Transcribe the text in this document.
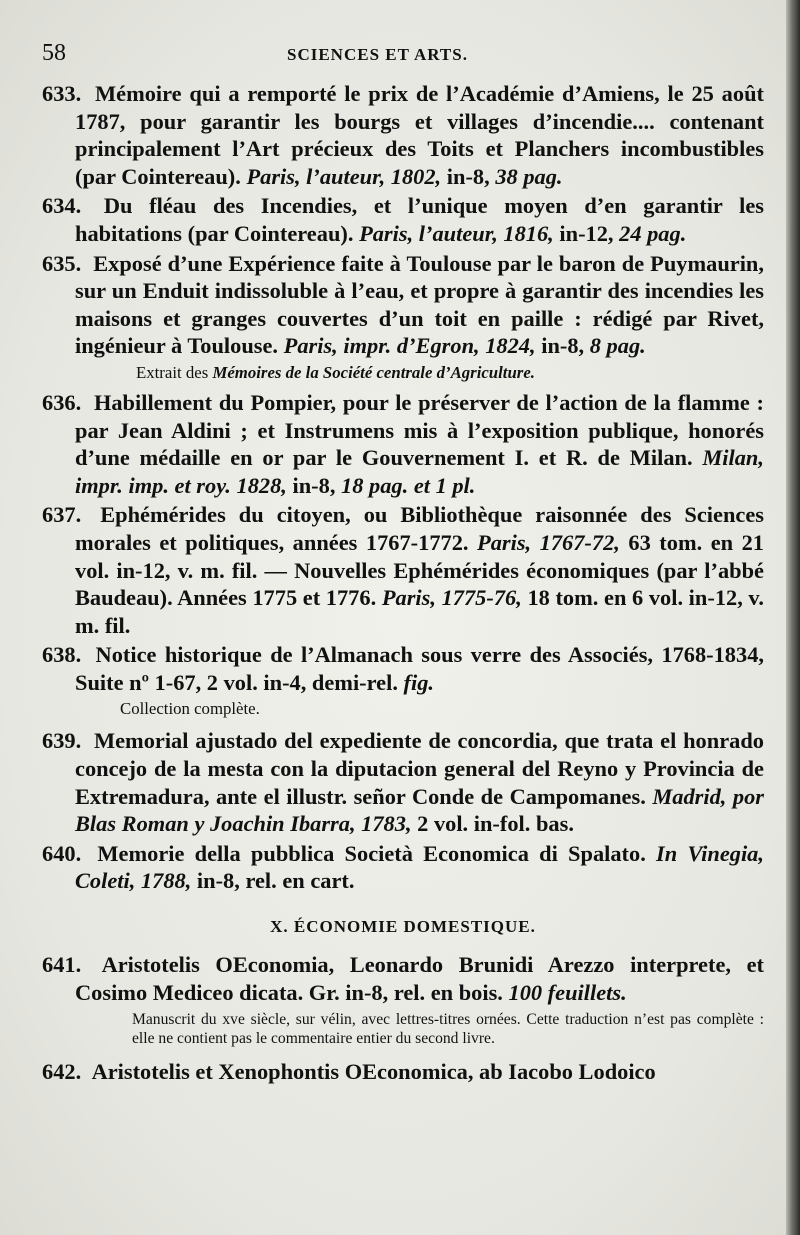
58	SCIENCES ET ARTS.

633. Mémoire qui a remporté le prix de l’Académie d’Amiens, le 25 août 1787, pour garantir les bourgs et villages d’incendie.... contenant principalement l’Art précieux des Toits et Planchers incombustibles (par Cointereau). Paris, l’auteur, 1802, in-8, 38 pag.

634. Du fléau des Incendies, et l’unique moyen d’en garantir les habitations (par Cointereau). Paris, l’auteur, 1816, in-12, 24 pag.

635. Exposé d’une Expérience faite à Toulouse par le baron de Puymaurin, sur un Enduit indissoluble à l’eau, et propre à garantir des incendies les maisons et granges couvertes d’un toit en paille : rédigé par Rivet, ingénieur à Toulouse. Paris, impr. d’Egron, 1824, in-8, 8 pag.

Extrait des Mémoires de la Société centrale d’Agriculture.

636. Habillement du Pompier, pour le préserver de l’action de la flamme : par Jean Aldini ; et Instrumens mis à l’exposition publique, honorés d’une médaille en or par le Gouvernement I. et R. de Milan. Milan, impr. imp. et roy. 1828, in-8, 18 pag. et 1 pl.

637. Ephémérides du citoyen, ou Bibliothèque raisonnée des Sciences morales et politiques, années 1767-1772. Paris, 1767-72, 63 tom. en 21 vol. in-12, v. m. fil. — Nouvelles Ephémérides économiques (par l’abbé Baudeau). Années 1775 et 1776. Paris, 1775-76, 18 tom. en 6 vol. in-12, v. m. fil.

638. Notice historique de l’Almanach sous verre des Associés, 1768-1834, Suite nº 1-67, 2 vol. in-4, demi-rel. fig.

Collection complète.

639. Memorial ajustado del expediente de concordia, que trata el honrado concejo de la mesta con la diputacion general del Reyno y Provincia de Extremadura, ante el illustr. señor Conde de Campomanes. Madrid, por Blas Roman y Joachin Ibarra, 1783, 2 vol. in-fol. bas.

640. Memorie della pubblica Società Economica di Spalato. In Vinegia, Coleti, 1788, in-8, rel. en cart.

X. ÉCONOMIE DOMESTIQUE.

641. Aristotelis OEconomia, Leonardo Brunidi Arezzo interprete, et Cosimo Mediceo dicata. Gr. in-8, rel. en bois. 100 feuillets.

Manuscrit du xve siècle, sur vélin, avec lettres-titres ornées. Cette traduction n’est pas complète : elle ne contient pas le commentaire entier du second livre.

642. Aristotelis et Xenophontis OEconomica, ab Iacobo Lodoico
